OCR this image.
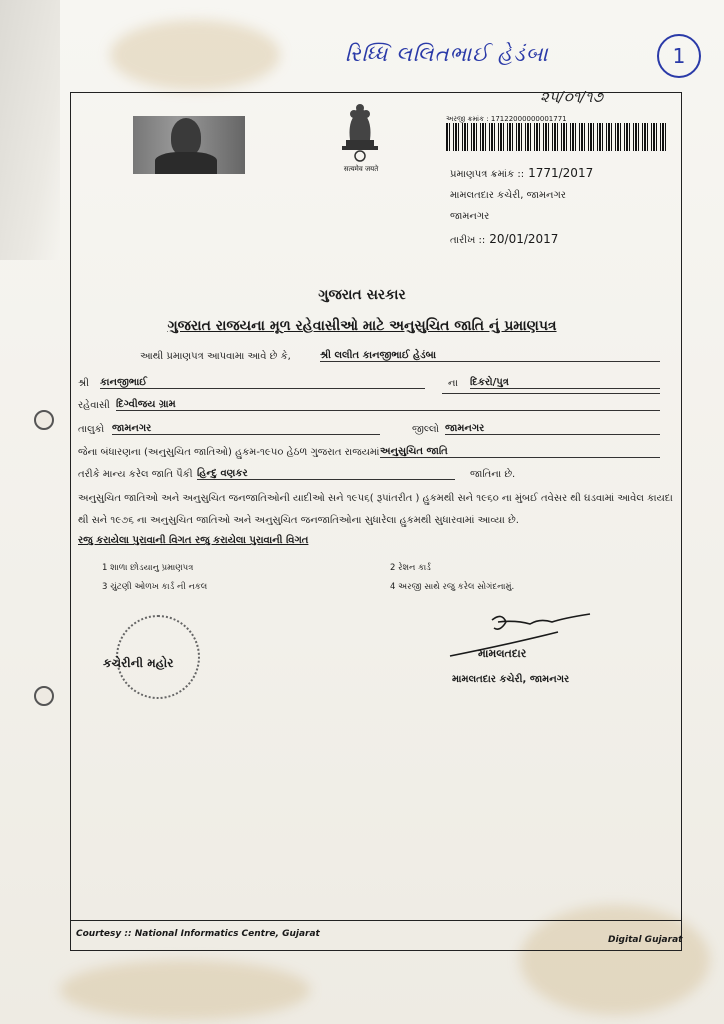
રિધ્ધિ લલિતભાઈ હેડંબા	1
૨૫/૦૧/૧૭
सत्यमेव जयते
અરજી ક્રમાંક : 17122000000001771
પ્રમાણપત્ર ક્રમાંક :: 1771/2017
મામલતદાર કચેરી, જામનગર
જામનગર
તારીખ :: 20/01/2017
ગુજરાત સરકાર
ગુજરાત રાજયના મૂળ રહેવાસીઓ માટે અનુસુચિત જાતિ નું પ્રમાણપત્ર
આથી પ્રમાણપત્ર આપવામા આવે છે કે,	શ્રી લલીત કાનજીભાઈ હેડંબા
શ્રી કાનજીભાઈ	ના દિકરો/પુત્ર
રહેવાસી દિગ્વીજય ગ્રામ
તાલુકો જામનગર	જીલ્લો જામનગર
જેના બંધારણના (અનુસુચિત જાતિઓ) હુકમ-૧૯૫૦ હેઠળ ગુજરાત રાજયમાં અનુસુચિત જાતિ
તરીકે માન્ય કરેલ જાતિ પૈકી હિન્દુ વણકર	જાતિના છે.
અનુસુચિત જાતિઓ અને અનુસુચિત જનજાતિઓની યાદીઓ સને ૧૯૫૬( રૂપાંતરીત ) હુકમથી સને ૧૯૬૦ ના મુંબઈ તવેસર થી ઘડવામાં આવેલ કાયદા થી સને ૧૯૭૬ ના અનુસુચિત જાતિઓ અને અનુસુચિત જનજાતિઓના સુધારેલા હુકમથી સુધારવામાં આવ્યા છે.
રજુ કરાયેલા પુરાવાની વિગત રજુ કરાયેલા પુરાવાની વિગત
1 શાળા છોડયાનુ પ્રમાણપત્ર	2 રેશન કાર્ડ
3 ચુંટણી ઓળખ કાર્ડ ની નકલ	4 અરજી સાથે રજુ કરેલ સોગંદનામું.
કચેરીની મહોર
મામલતદાર
મામલતદાર કચેરી, જામનગર
Courtesy :: National Informatics Centre, Gujarat
Digital Gujarat
